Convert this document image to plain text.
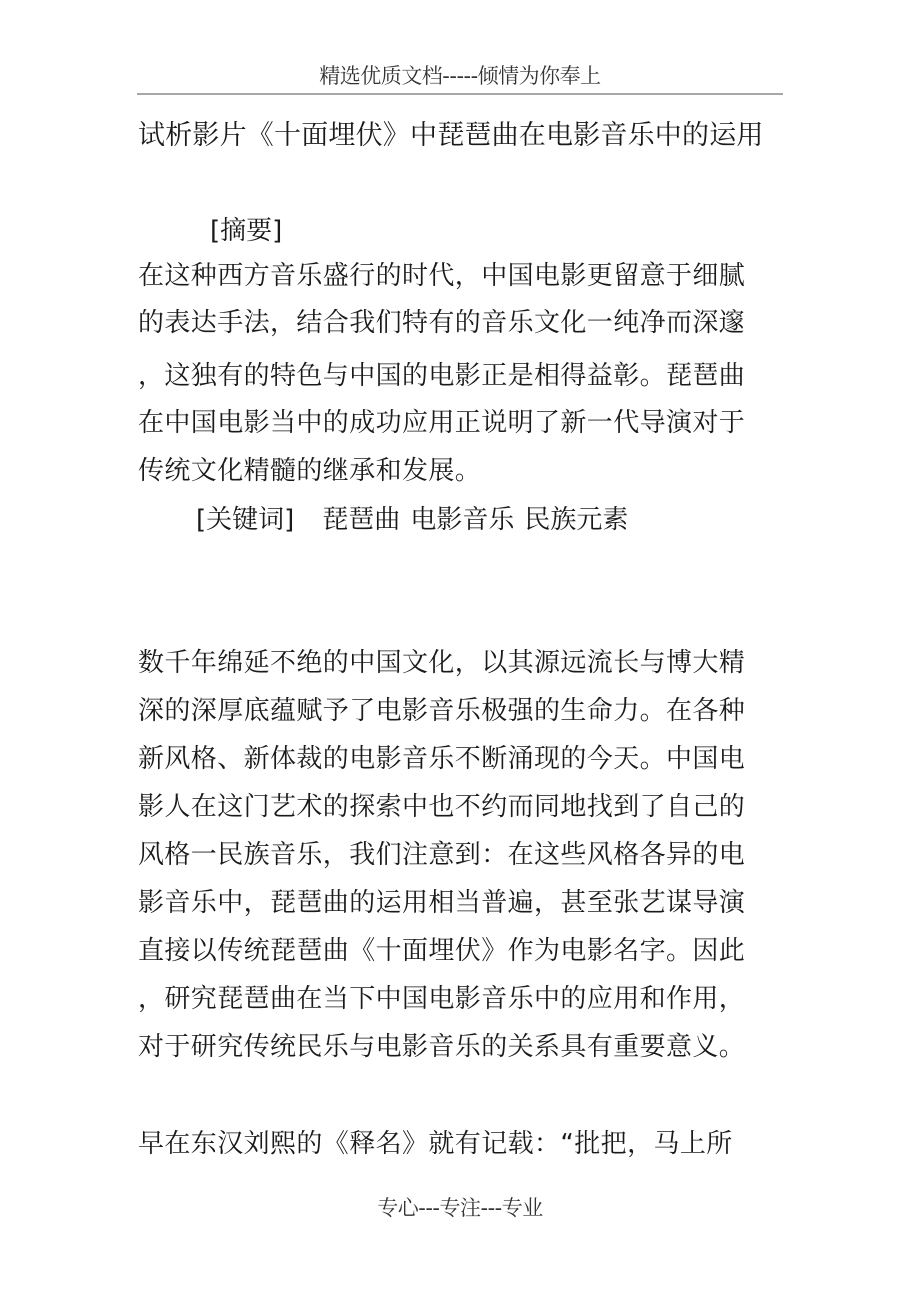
精选优质文档-----倾情为你奉上
试析影片《十面埋伏》中琵琶曲在电影音乐中的运用
[摘要]
在这种西方音乐盛行的时代，中国电影更留意于细腻
的表达手法，结合我们特有的音乐文化一纯净而深邃
，这独有的特色与中国的电影正是相得益彰。琵琶曲
在中国电影当中的成功应用正说明了新一代导演对于
传统文化精髓的继承和发展。
[关键词] 琵琶曲 电影音乐 民族元素
数千年绵延不绝的中国文化，以其源远流长与博大精
深的深厚底蕴赋予了电影音乐极强的生命力。在各种
新风格、新体裁的电影音乐不断涌现的今天。中国电
影人在这门艺术的探索中也不约而同地找到了自己的
风格一民族音乐，我们注意到：在这些风格各异的电
影音乐中，琵琶曲的运用相当普遍，甚至张艺谋导演
直接以传统琵琶曲《十面埋伏》作为电影名字。因此
，研究琵琶曲在当下中国电影音乐中的应用和作用，
对于研究传统民乐与电影音乐的关系具有重要意义。
早在东汉刘熙的《释名》就有记载：“批把，马上所
专心---专注---专业
